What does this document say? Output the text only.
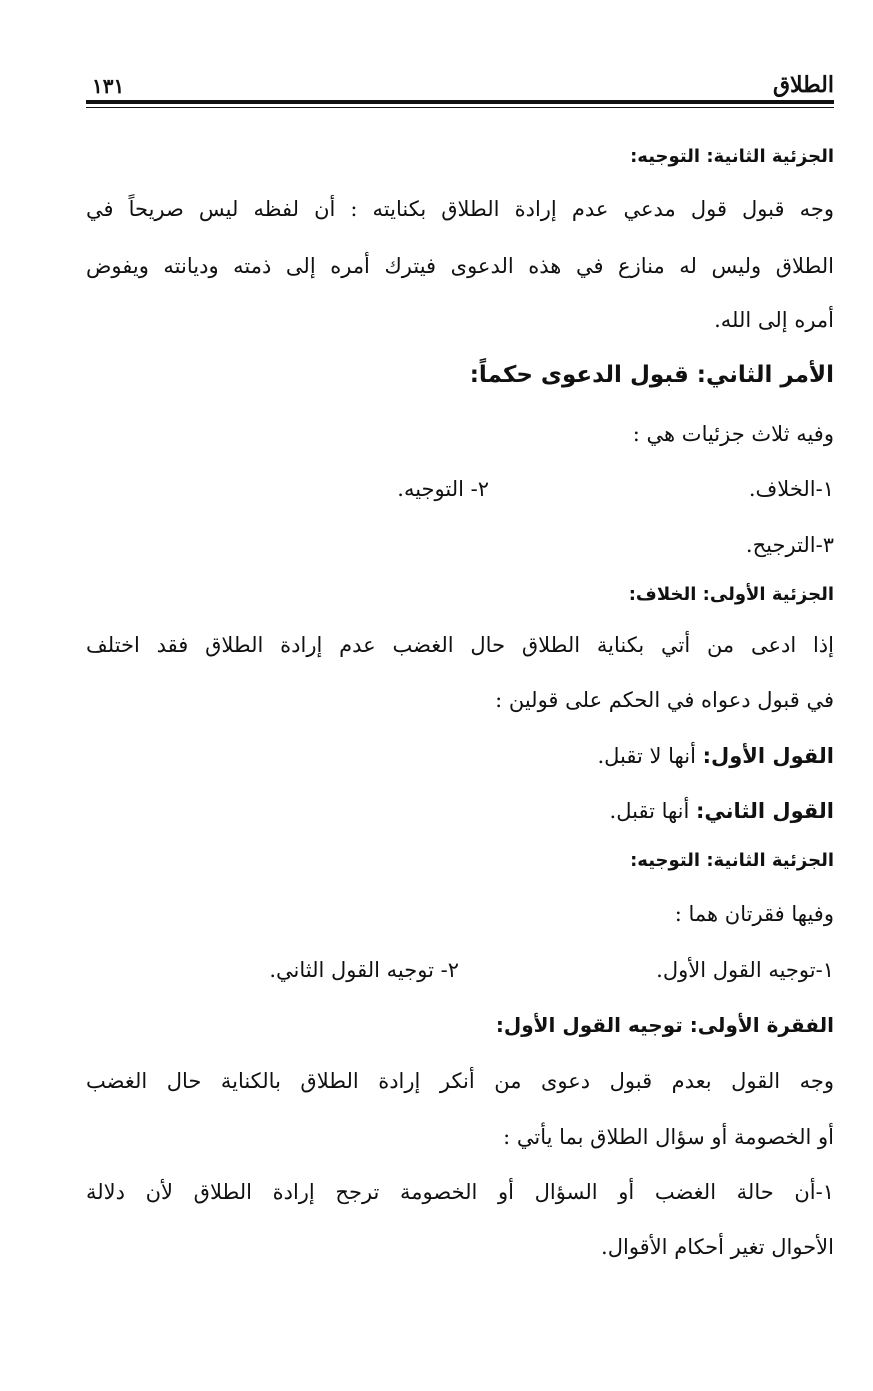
الطلاق
١٣١
الجزئية الثانية: التوجيه:
وجه قبول قول مدعي عدم إرادة الطلاق بكنايته : أن لفظه ليس صريحاً في
الطلاق وليس له منازع في هذه الدعوى فيترك أمره إلى ذمته وديانته ويفوض
أمره إلى الله.
الأمر الثاني: قبول الدعوى حكماً:
وفيه ثلاث جزئيات هي :
١-الخلاف.
٢- التوجيه.
٣-الترجيح.
الجزئية الأولى: الخلاف:
إذا ادعى من أتي بكناية الطلاق حال الغضب عدم إرادة الطلاق فقد اختلف
في قبول دعواه في الحكم على قولين :
القول الأول: أنها لا تقبل.
القول الثاني: أنها تقبل.
الجزئية الثانية: التوجيه:
وفيها فقرتان هما :
١-توجيه القول الأول.
٢- توجيه القول الثاني.
الفقرة الأولى: توجيه القول الأول:
وجه القول بعدم قبول دعوى من أنكر إرادة الطلاق بالكناية حال الغضب
أو الخصومة أو سؤال الطلاق بما يأتي :
١-أن حالة الغضب أو السؤال أو الخصومة ترجح إرادة الطلاق لأن دلالة
الأحوال تغير أحكام الأقوال.
